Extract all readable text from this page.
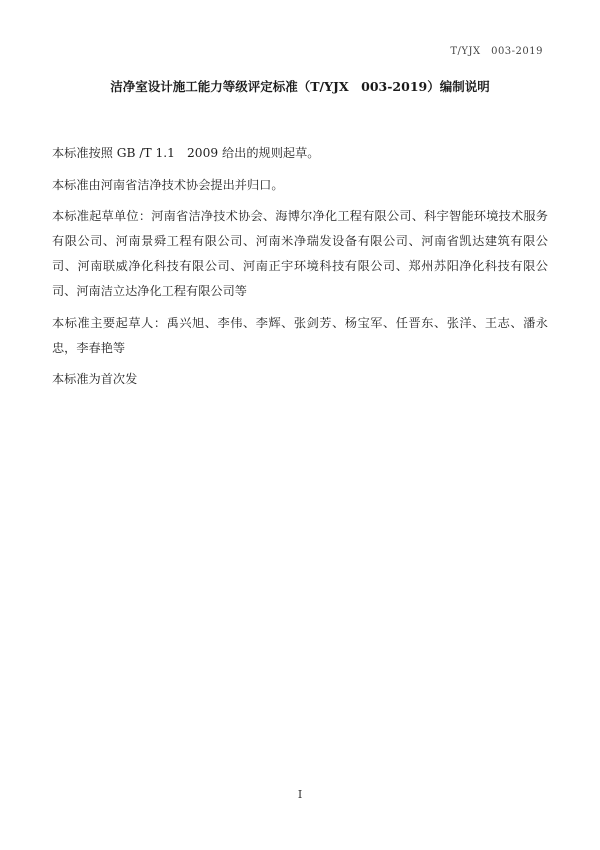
T/YJX　003-2019
洁净室设计施工能力等级评定标准（T/YJX　003-2019）编制说明

本标准按照 GB /T 1.1　2009 给出的规则起草。

本标准由河南省洁净技术协会提出并归口。

本标准起草单位：河南省洁净技术协会、海博尔净化工程有限公司、科宇智能环境技术服务有限公司、河南景舜工程有限公司、河南米净瑞发设备有限公司、河南省凯达建筑有限公司、河南联威净化科技有限公司、河南正宇环境科技有限公司、郑州苏阳净化科技有限公司、河南洁立达净化工程有限公司等

本标准主要起草人：禹兴旭、李伟、李辉、张剑芳、杨宝军、任晋东、张洋、王志、潘永忠，李春艳等

本标准为首次发

I
